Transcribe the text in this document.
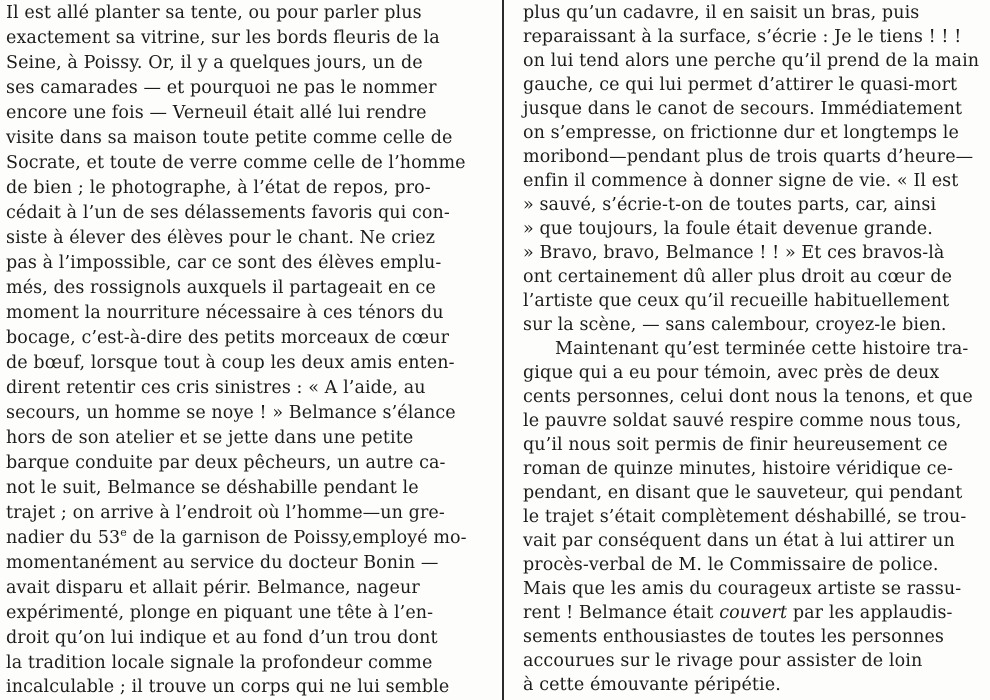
Il est allé planter sa tente, ou pour parler plus
exactement sa vitrine, sur les bords fleuris de la
Seine, à Poissy. Or, il y a quelques jours, un de
ses camarades — et pourquoi ne pas le nommer
encore une fois — Verneuil était allé lui rendre
visite dans sa maison toute petite comme celle de
Socrate, et toute de verre comme celle de l’homme
de bien ; le photographe, à l’état de repos, pro-
cédait à l’un de ses délassements favoris qui con-
siste à élever des élèves pour le chant. Ne criez
pas à l’impossible, car ce sont des élèves emplu-
més, des rossignols auxquels il partageait en ce
moment la nourriture nécessaire à ces ténors du
bocage, c’est-à-dire des petits morceaux de cœur
de bœuf, lorsque tout à coup les deux amis enten-
dirent retentir ces cris sinistres : « A l’aide, au
secours, un homme se noye ! » Belmance s’élance
hors de son atelier et se jette dans une petite
barque conduite par deux pêcheurs, un autre ca-
not le suit, Belmance se déshabille pendant le
trajet ; on arrive à l’endroit où l’homme—un gre-
nadier du 53e de la garnison de Poissy,employé mo-
momentanément au service du docteur Bonin —
avait disparu et allait périr. Belmance, nageur
expérimenté, plonge en piquant une tête à l’en-
droit qu’on lui indique et au fond d’un trou dont
la tradition locale signale la profondeur comme
incalculable ; il trouve un corps qui ne lui semble
plus qu’un cadavre, il en saisit un bras, puis
reparaissant à la surface, s’écrie : Je le tiens ! ! !
on lui tend alors une perche qu’il prend de la main
gauche, ce qui lui permet d’attirer le quasi-mort
jusque dans le canot de secours. Immédiatement
on s’empresse, on frictionne dur et longtemps le
moribond—pendant plus de trois quarts d’heure—
enfin il commence à donner signe de vie. « Il est
» sauvé, s’écrie-t-on de toutes parts, car, ainsi
» que toujours, la foule était devenue grande.
» Bravo, bravo, Belmance ! ! » Et ces bravos-là
ont certainement dû aller plus droit au cœur de
l’artiste que ceux qu’il recueille habituellement
sur la scène, — sans calembour, croyez-le bien.
Maintenant qu’est terminée cette histoire tra-
gique qui a eu pour témoin, avec près de deux
cents personnes, celui dont nous la tenons, et que
le pauvre soldat sauvé respire comme nous tous,
qu’il nous soit permis de finir heureusement ce
roman de quinze minutes, histoire véridique ce-
pendant, en disant que le sauveteur, qui pendant
le trajet s’était complètement déshabillé, se trou-
vait par conséquent dans un état à lui attirer un
procès-verbal de M. le Commissaire de police.
Mais que les amis du courageux artiste se rassu-
rent ! Belmance était couvert par les applaudis-
sements enthousiastes de toutes les personnes
accourues sur le rivage pour assister de loin
à cette émouvante péripétie.
